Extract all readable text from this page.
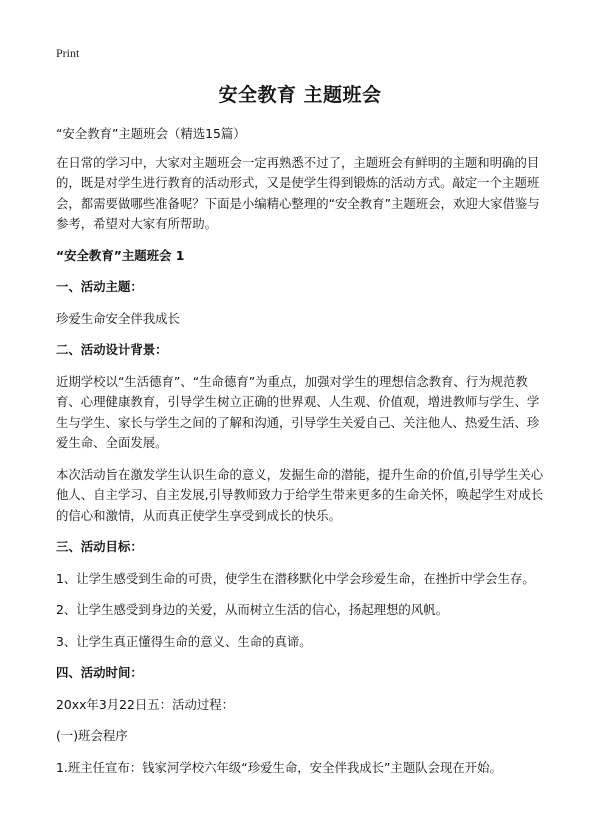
Print
安全教育 主题班会

“安全教育”主题班会（精选15篇）

在日常的学习中，大家对主题班会一定再熟悉不过了，主题班会有鲜明的主题和明确的目的，既是对学生进行教育的活动形式，又是使学生得到锻炼的活动方式。敲定一个主题班会，都需要做哪些准备呢？下面是小编精心整理的“安全教育”主题班会，欢迎大家借鉴与参考，希望对大家有所帮助。

“安全教育”主题班会 1

一、活动主题：

珍爱生命安全伴我成长

二、活动设计背景：

近期学校以“生活德育”、“生命德育”为重点，加强对学生的理想信念教育、行为规范教育、心理健康教育，引导学生树立正确的世界观、人生观、价值观，增进教师与学生、学生与学生、家长与学生之间的了解和沟通，引导学生关爱自己、关注他人、热爱生活、珍爱生命、全面发展。

本次活动旨在激发学生认识生命的意义，发掘生命的潜能，提升生命的价值,引导学生关心他人、自主学习、自主发展,引导教师致力于给学生带来更多的生命关怀，唤起学生对成长的信心和激情，从而真正使学生享受到成长的快乐。

三、活动目标：

1、让学生感受到生命的可贵，使学生在潜移默化中学会珍爱生命，在挫折中学会生存。

2、让学生感受到身边的关爱，从而树立生活的信心，扬起理想的风帆。

3、让学生真正懂得生命的意义、生命的真谛。

四、活动时间：

20xx年3月22日五：活动过程：

(一)班会程序

1.班主任宣布：钱家河学校六年级“珍爱生命，安全伴我成长”主题队会现在开始。
